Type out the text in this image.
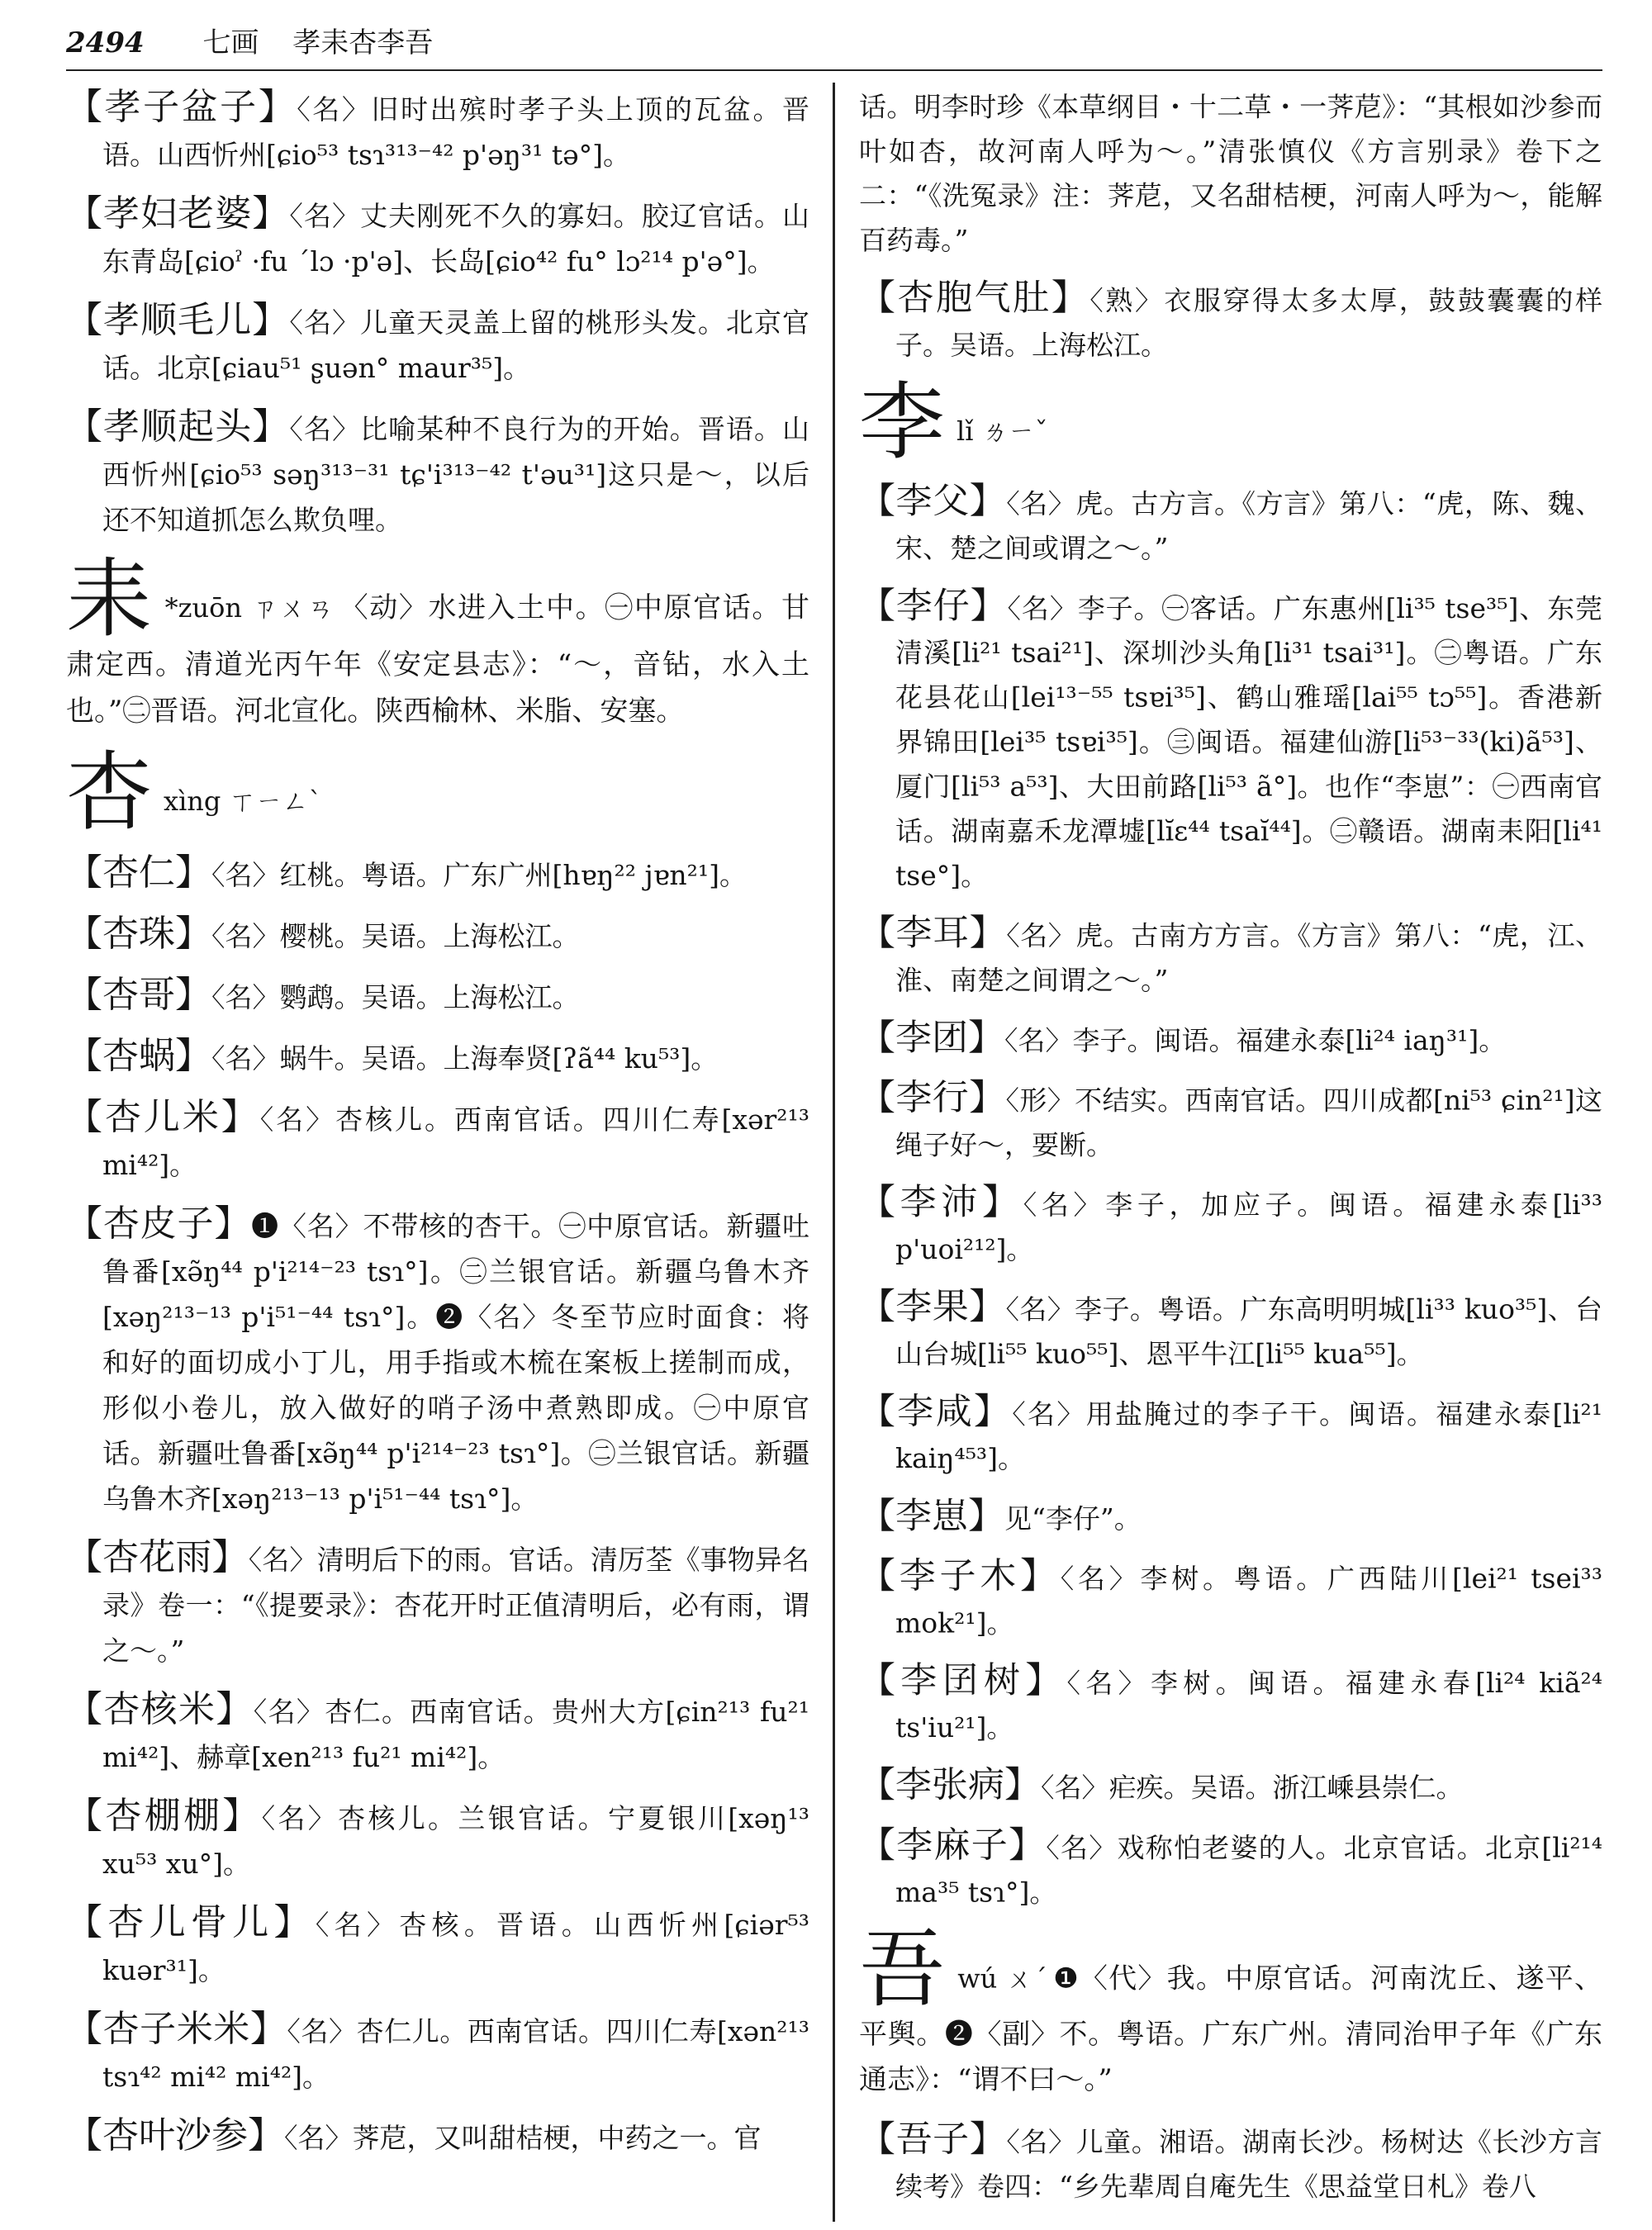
2494 七画 孝耒杏李吾
【孝子盆子】〈名〉旧时出殡时孝子头上顶的瓦盆。晋语。山西忻州[ɕio⁵³ tsɿ³¹³⁻⁴² p'əŋ³¹ tə°]。
【孝妇老婆】〈名〉丈夫刚死不久的寡妇。胶辽官话。山东青岛[ɕioˀ ·fu ˊlɔ ·p'ə]、长岛[ɕio⁴² fu° lɔ²¹⁴ p'ə°]。
【孝顺毛儿】〈名〉儿童天灵盖上留的桃形头发。北京官话。北京[ɕiau⁵¹ ʂuən° maur³⁵]。
【孝顺起头】〈名〉比喻某种不良行为的开始。晋语。山西忻州[ɕio⁵³ səŋ³¹³⁻³¹ tɕ'i³¹³⁻⁴² t'əu³¹]这只是～，以后还不知道抓怎么欺负哩。
耒 *zuōn ㄗㄨㄢ 〈动〉水进入土中。㊀中原官话。甘肃定西。清道光丙午年《安定县志》：“～，音钻，水入土也。”㊁晋语。河北宣化。陕西榆林、米脂、安塞。
杏xìng ㄒㄧㄥˋ
【杏仁】〈名〉红桃。粤语。广东广州[hɐŋ²² jɐn²¹]。
【杏珠】〈名〉樱桃。吴语。上海松江。
【杏哥】〈名〉鹦鹉。吴语。上海松江。
【杏蜗】〈名〉蜗牛。吴语。上海奉贤[ʔã⁴⁴ ku⁵³]。
【杏儿米】〈名〉杏核儿。西南官话。四川仁寿[xər²¹³ mi⁴²]。
【杏皮子】❶〈名〉不带核的杏干。㊀中原官话。新疆吐鲁番[xə̃ŋ⁴⁴ p'i²¹⁴⁻²³ tsɿ°]。㊁兰银官话。新疆乌鲁木齐[xəŋ²¹³⁻¹³ p'i⁵¹⁻⁴⁴ tsɿ°]。❷〈名〉冬至节应时面食：将和好的面切成小丁儿，用手指或木梳在案板上搓制而成，形似小卷儿，放入做好的哨子汤中煮熟即成。㊀中原官话。新疆吐鲁番[xə̃ŋ⁴⁴ p'i²¹⁴⁻²³ tsɿ°]。㊁兰银官话。新疆乌鲁木齐[xəŋ²¹³⁻¹³ p'i⁵¹⁻⁴⁴ tsɿ°]。
【杏花雨】〈名〉清明后下的雨。官话。清厉荃《事物异名录》卷一：“《提要录》：杏花开时正值清明后，必有雨，谓之～。”
【杏核米】〈名〉杏仁。西南官话。贵州大方[ɕin²¹³ fu²¹ mi⁴²]、赫章[xen²¹³ fu²¹ mi⁴²]。
【杏棚棚】〈名〉杏核儿。兰银官话。宁夏银川[xəŋ¹³ xu⁵³ xu°]。
【杏儿骨儿】〈名〉杏核。晋语。山西忻州[ɕiər⁵³ kuər³¹]。
【杏子米米】〈名〉杏仁儿。西南官话。四川仁寿[xən²¹³ tsɿ⁴² mi⁴² mi⁴²]。
【杏叶沙参】〈名〉荠苨，又叫甜桔梗，中药之一。官
话。明李时珍《本草纲目・十二草・一荠苨》：“其根如沙参而叶如杏，故河南人呼为～。”清张慎仪《方言别录》卷下之二：“《洗冤录》注：荠苨，又名甜桔梗，河南人呼为～，能解百药毒。”
【杏胞气肚】〈熟〉衣服穿得太多太厚，鼓鼓囊囊的样子。吴语。上海松江。
李lǐ ㄌㄧˇ
【李父】〈名〉虎。古方言。《方言》第八：“虎，陈、魏、宋、楚之间或谓之～。”
【李仔】〈名〉李子。㊀客话。广东惠州[li³⁵ tse³⁵]、东莞清溪[li²¹ tsai²¹]、深圳沙头角[li³¹ tsai³¹]。㊁粤语。广东花县花山[lei¹³⁻⁵⁵ tsɐi³⁵]、鹤山雅瑶[lai⁵⁵ tɔ⁵⁵]。香港新界锦田[lei³⁵ tsɐi³⁵]。㊂闽语。福建仙游[li⁵³⁻³³(ki)ã⁵³]、厦门[li⁵³ a⁵³]、大田前路[li⁵³ ã°]。也作“李崽”：㊀西南官话。湖南嘉禾龙潭墟[lĭɛ⁴⁴ tsaĭ⁴⁴]。㊁赣语。湖南耒阳[li⁴¹ tse°]。
【李耳】〈名〉虎。古南方方言。《方言》第八：“虎，江、淮、南楚之间谓之～。”
【李团】〈名〉李子。闽语。福建永泰[li²⁴ iaŋ³¹]。
【李行】〈形〉不结实。西南官话。四川成都[ni⁵³ ɕin²¹]这绳子好～，要断。
【李沛】〈名〉李子，加应子。闽语。福建永泰[li³³ p'uoi²¹²]。
【李果】〈名〉李子。粤语。广东高明明城[li³³ kuo³⁵]、台山台城[li⁵⁵ kuo⁵⁵]、恩平牛江[li⁵⁵ kua⁵⁵]。
【李咸】〈名〉用盐腌过的李子干。闽语。福建永泰[li²¹ kaiŋ⁴⁵³]。
【李崽】见“李仔”。
【李子木】〈名〉李树。粤语。广西陆川[lei²¹ tsei³³ mok²¹]。
【李囝树】〈名〉李树。闽语。福建永春[li²⁴ kiã²⁴ ts'iu²¹]。
【李张病】〈名〉疟疾。吴语。浙江嵊县崇仁。
【李麻子】〈名〉戏称怕老婆的人。北京官话。北京[li²¹⁴ ma³⁵ tsɿ°]。
吾wú ㄨˊ ❶〈代〉我。中原官话。河南沈丘、遂平、平舆。❷〈副〉不。粤语。广东广州。清同治甲子年《广东通志》：“谓不曰～。”
【吾子】〈名〉儿童。湘语。湖南长沙。杨树达《长沙方言续考》卷四：“乡先辈周自庵先生《思益堂日札》卷八
